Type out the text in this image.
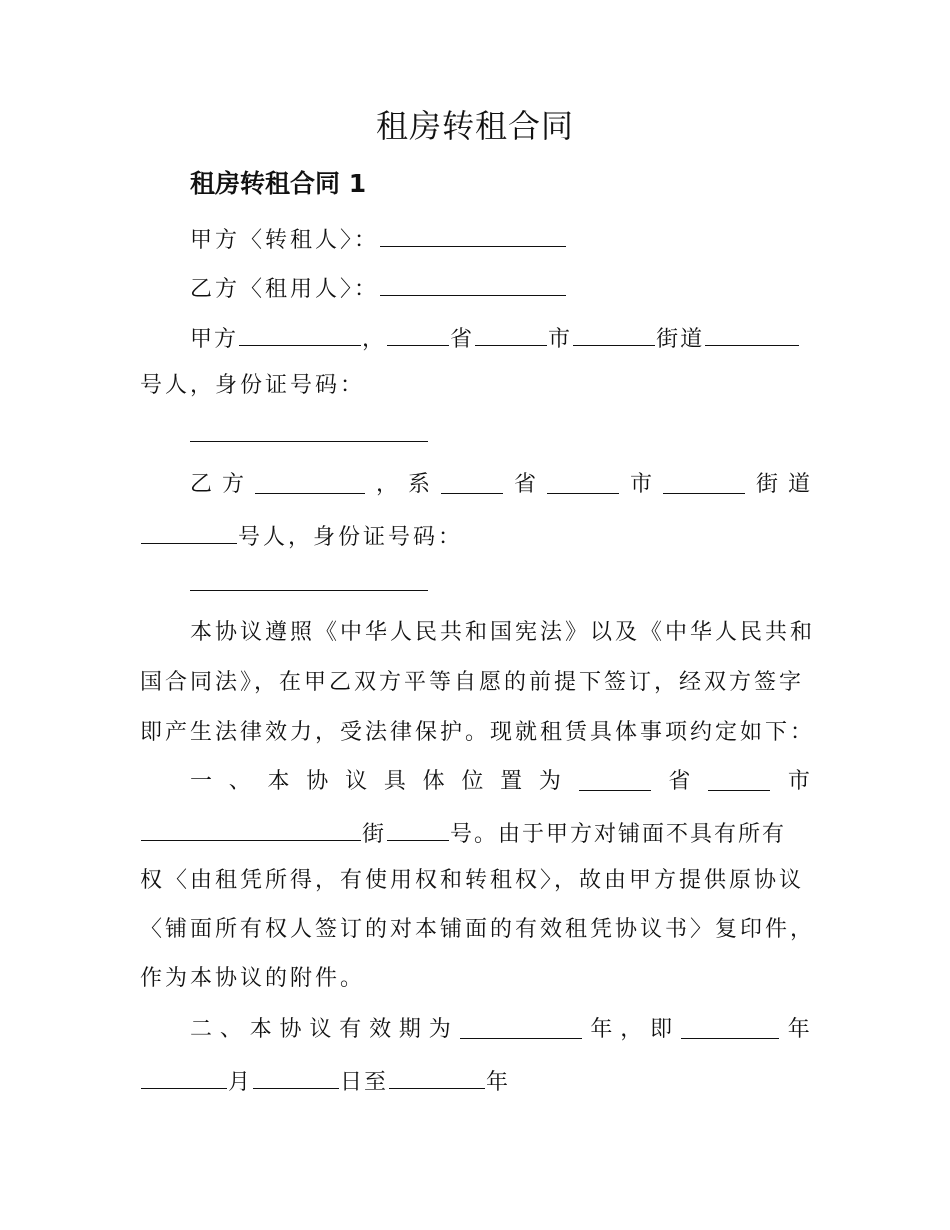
租房转租合同
租房转租合同 1
甲方〈转租人〉：
乙方〈租用人〉：
甲方	，	省	市	街道
号人，身份证号码：
乙 方	， 系	省	市	街 道
号人，身份证号码：
本协议遵照《中华人民共和国宪法》以及《中华人民共和
国合同法》，在甲乙双方平等自愿的前提下签订，经双方签字
即产生法律效力，受法律保护。现就租赁具体事项约定如下：
一 、 本 协 议 具 体 位 置 为	省	市
街	号。由于甲方对铺面不具有所有
权〈由租凭所得，有使用权和转租权〉，故由甲方提供原协议
〈铺面所有权人签订的对本铺面的有效租凭协议书〉复印件，
作为本协议的附件。
二 、 本 协 议 有 效 期 为	年 ， 即	年
月	日至	年
